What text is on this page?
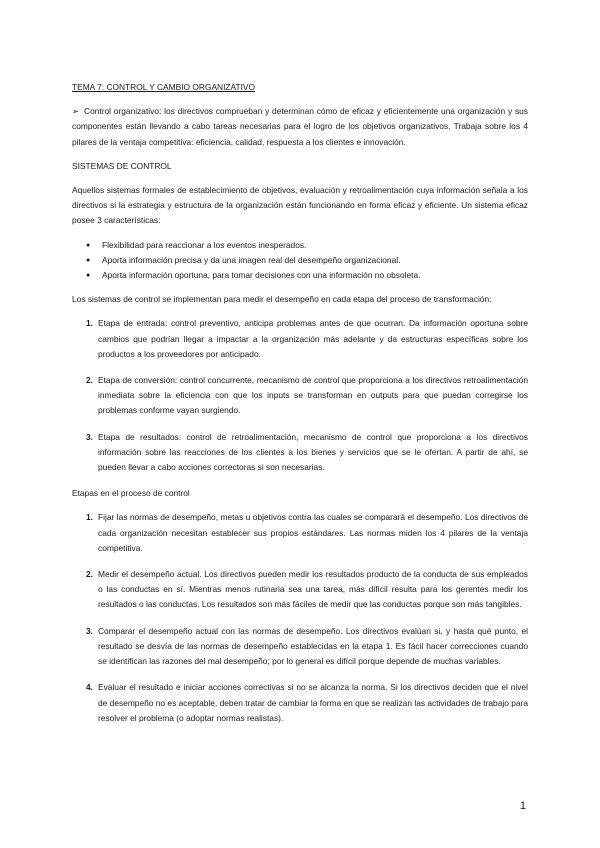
TEMA 7: CONTROL Y CAMBIO ORGANIZATIVO

➢ Control organizativo: los directivos comprueban y determinan cómo de eficaz y eficientemente una organización y sus componentes están llevando a cabo tareas necesarias para el logro de los objetivos organizativos. Trabaja sobre los 4 pilares de la ventaja competitiva: eficiencia, calidad, respuesta a los clientes e innovación.

SISTEMAS DE CONTROL

Aquellos sistemas formales de establecimiento de objetivos, evaluación y retroalimentación cuya información señala a los directivos si la estrategia y estructura de la organización están funcionando en forma eficaz y eficiente. Un sistema eficaz posee 3 características:

● Flexibilidad para reaccionar a los eventos inesperados.
● Aporta información precisa y da una imagen real del desempeño organizacional.
● Aporta información oportuna, para tomar decisiones con una información no obsoleta.

Los sistemas de control se implementan para medir el desempeño en cada etapa del proceso de transformación:

1. Etapa de entrada: control preventivo, anticipa problemas antes de que ocurran. Da información oportuna sobre cambios que podrían llegar a impactar a la organización más adelante y da estructuras específicas sobre los productos a los proveedores por anticipado.
2. Etapa de conversión: control concurrente, mecanismo de control que proporciona a los directivos retroalimentación inmediata sobre la eficiencia con que los inputs se transforman en outputs para que puedan corregirse los problemas conforme vayan surgiendo.
3. Etapa de resultados: control de retroalimentación, mecanismo de control que proporciona a los directivos información sobre las reacciones de los clientes a los bienes y servicios que se le ofertan. A partir de ahí, se pueden llevar a cabo acciones correctoras si son necesarias.
Etapas en el proceso de control
1. Fijar las normas de desempeño, metas u objetivos contra las cuales se comparará el desempeño. Los directivos de cada organización necesitan establecer sus propios estándares. Las normas miden los 4 pilares de la ventaja competitiva.
2. Medir el desempeño actual. Los directivos pueden medir los resultados producto de la conducta de sus empleados o las conductas en sí. Mientras menos rutinaria sea una tarea, más difícil resulta para los gerentes medir los resultados o las conductas. Los resultados son más fáciles de medir que las conductas porque son más tangibles.
3. Comparar el desempeño actual con las normas de desempeño. Los directivos evalúan si, y hasta qué punto, el resultado se desvía de las normas de desempeño establecidas en la etapa 1. Es fácil hacer correcciones cuando se identifican las razones del mal desempeño; por lo general es difícil porque depende de muchas variables.
4. Evaluar el resultado e iniciar acciones correctivas si no se alcanza la norma. Si los directivos deciden que el nivel de desempeño no es aceptable, deben tratar de cambiar la forma en que se realizan las actividades de trabajo para resolver el problema (o adoptar normas realistas).
1
